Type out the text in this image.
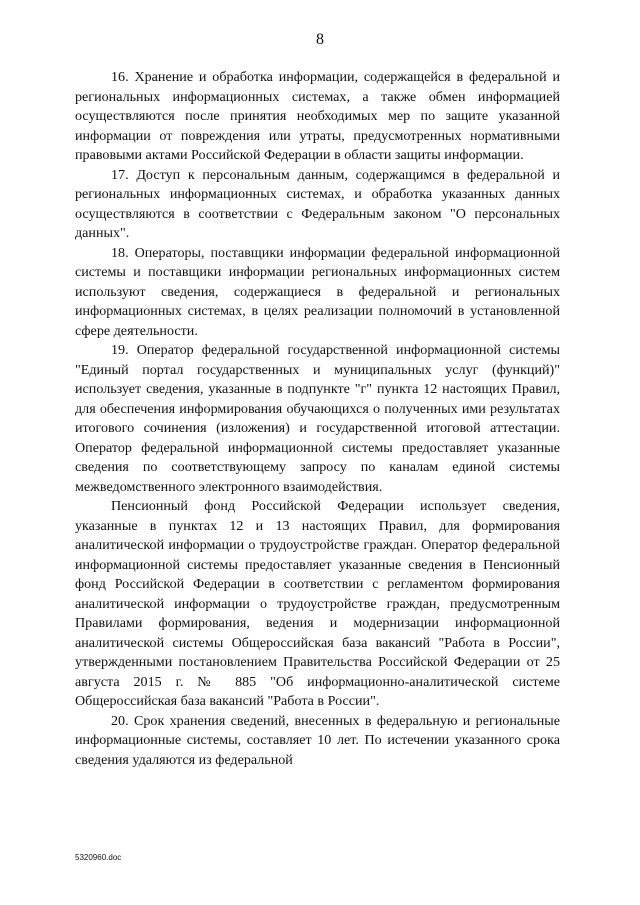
8

16. Хранение и обработка информации, содержащейся в федеральной и региональных информационных системах, а также обмен информацией осуществляются после принятия необходимых мер по защите указанной информации от повреждения или утраты, предусмотренных нормативными правовыми актами Российской Федерации в области защиты информации.

17. Доступ к персональным данным, содержащимся в федеральной и региональных информационных системах, и обработка указанных данных осуществляются в соответствии с Федеральным законом "О персональных данных".

18. Операторы, поставщики информации федеральной информационной системы и поставщики информации региональных информационных систем используют сведения, содержащиеся в федеральной и региональных информационных системах, в целях реализации полномочий в установленной сфере деятельности.

19. Оператор федеральной государственной информационной системы "Единый портал государственных и муниципальных услуг (функций)" использует сведения, указанные в подпункте "г" пункта 12 настоящих Правил, для обеспечения информирования обучающихся о полученных ими результатах итогового сочинения (изложения) и государственной итоговой аттестации. Оператор федеральной информационной системы предоставляет указанные сведения по соответствующему запросу по каналам единой системы межведомственного электронного взаимодействия.

Пенсионный фонд Российской Федерации использует сведения, указанные в пунктах 12 и 13 настоящих Правил, для формирования аналитической информации о трудоустройстве граждан. Оператор федеральной информационной системы предоставляет указанные сведения в Пенсионный фонд Российской Федерации в соответствии с регламентом формирования аналитической информации о трудоустройстве граждан, предусмотренным Правилами формирования, ведения и модернизации информационной аналитической системы Общероссийская база вакансий "Работа в России", утвержденными постановлением Правительства Российской Федерации от 25 августа 2015 г. № 885 "Об информационно-аналитической системе Общероссийская база вакансий "Работа в России".

20. Срок хранения сведений, внесенных в федеральную и региональные информационные системы, составляет 10 лет. По истечении указанного срока сведения удаляются из федеральной

5320960.doc
